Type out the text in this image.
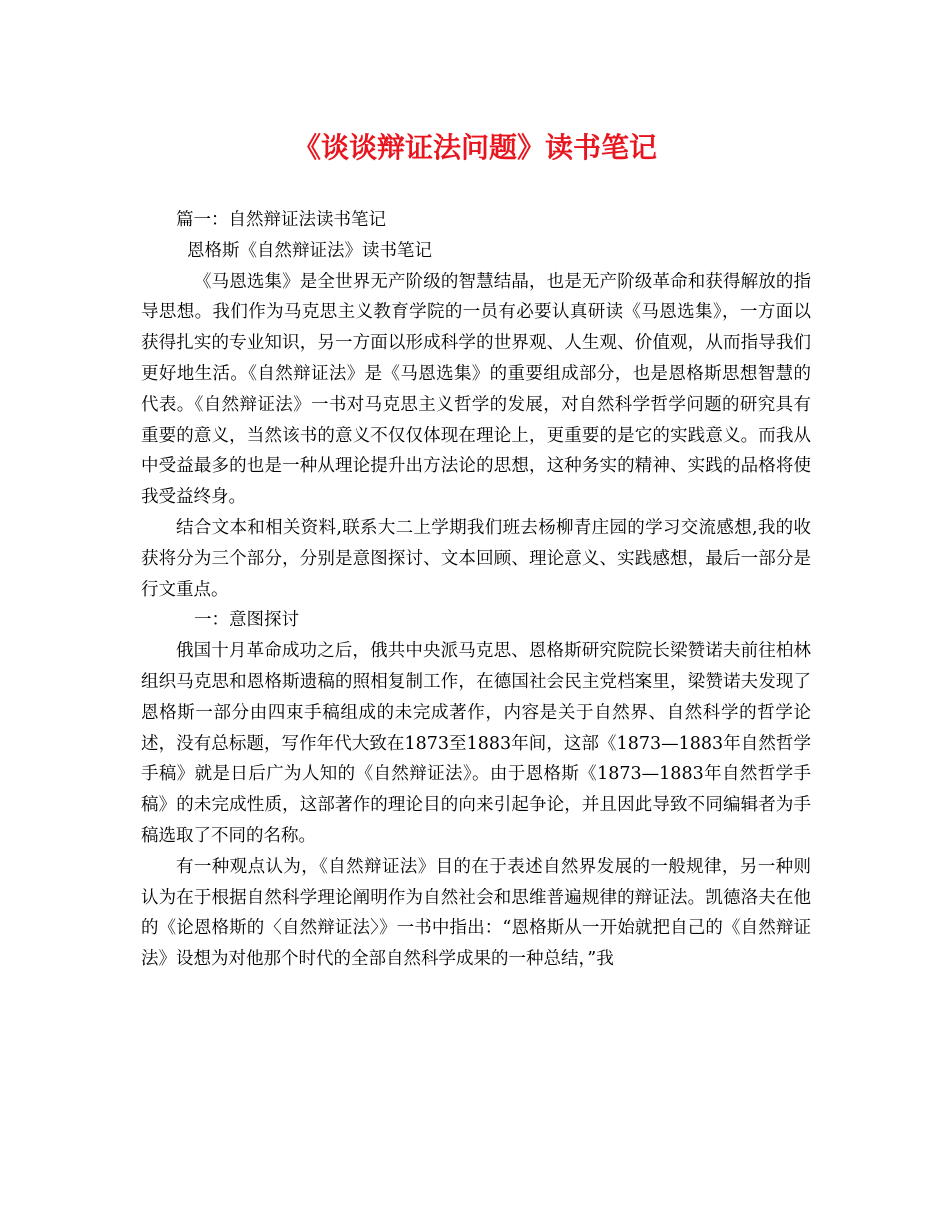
《谈谈辩证法问题》读书笔记

篇一：自然辩证法读书笔记

恩格斯《自然辩证法》读书笔记

《马恩选集》是全世界无产阶级的智慧结晶，也是无产阶级革命和获得解放的指导思想。我们作为马克思主义教育学院的一员有必要认真研读《马恩选集》，一方面以获得扎实的专业知识，另一方面以形成科学的世界观、人生观、价值观，从而指导我们更好地生活。《自然辩证法》是《马恩选集》的重要组成部分，也是恩格斯思想智慧的代表。《自然辩证法》一书对马克思主义哲学的发展，对自然科学哲学问题的研究具有重要的意义，当然该书的意义不仅仅体现在理论上，更重要的是它的实践意义。而我从中受益最多的也是一种从理论提升出方法论的思想，这种务实的精神、实践的品格将使我受益终身。

结合文本和相关资料,联系大二上学期我们班去杨柳青庄园的学习交流感想,我的收获将分为三个部分，分别是意图探讨、文本回顾、理论意义、实践感想，最后一部分是行文重点。

一：意图探讨

俄国十月革命成功之后，俄共中央派马克思、恩格斯研究院院长梁赞诺夫前往柏林组织马克思和恩格斯遗稿的照相复制工作，在德国社会民主党档案里，梁赞诺夫发现了恩格斯一部分由四束手稿组成的未完成著作，内容是关于自然界、自然科学的哲学论述，没有总标题，写作年代大致在1873至1883年间，这部《1873—1883年自然哲学手稿》就是日后广为人知的《自然辩证法》。由于恩格斯《1873—1883年自然哲学手稿》的未完成性质，这部著作的理论目的向来引起争论，并且因此导致不同编辑者为手稿选取了不同的名称。

有一种观点认为，《自然辩证法》目的在于表述自然界发展的一般规律，另一种则认为在于根据自然科学理论阐明作为自然社会和思维普遍规律的辩证法。凯德洛夫在他的《论恩格斯的〈自然辩证法〉》一书中指出：“恩格斯从一开始就把自己的《自然辩证法》设想为对他那个时代的全部自然科学成果的一种总结，”我
